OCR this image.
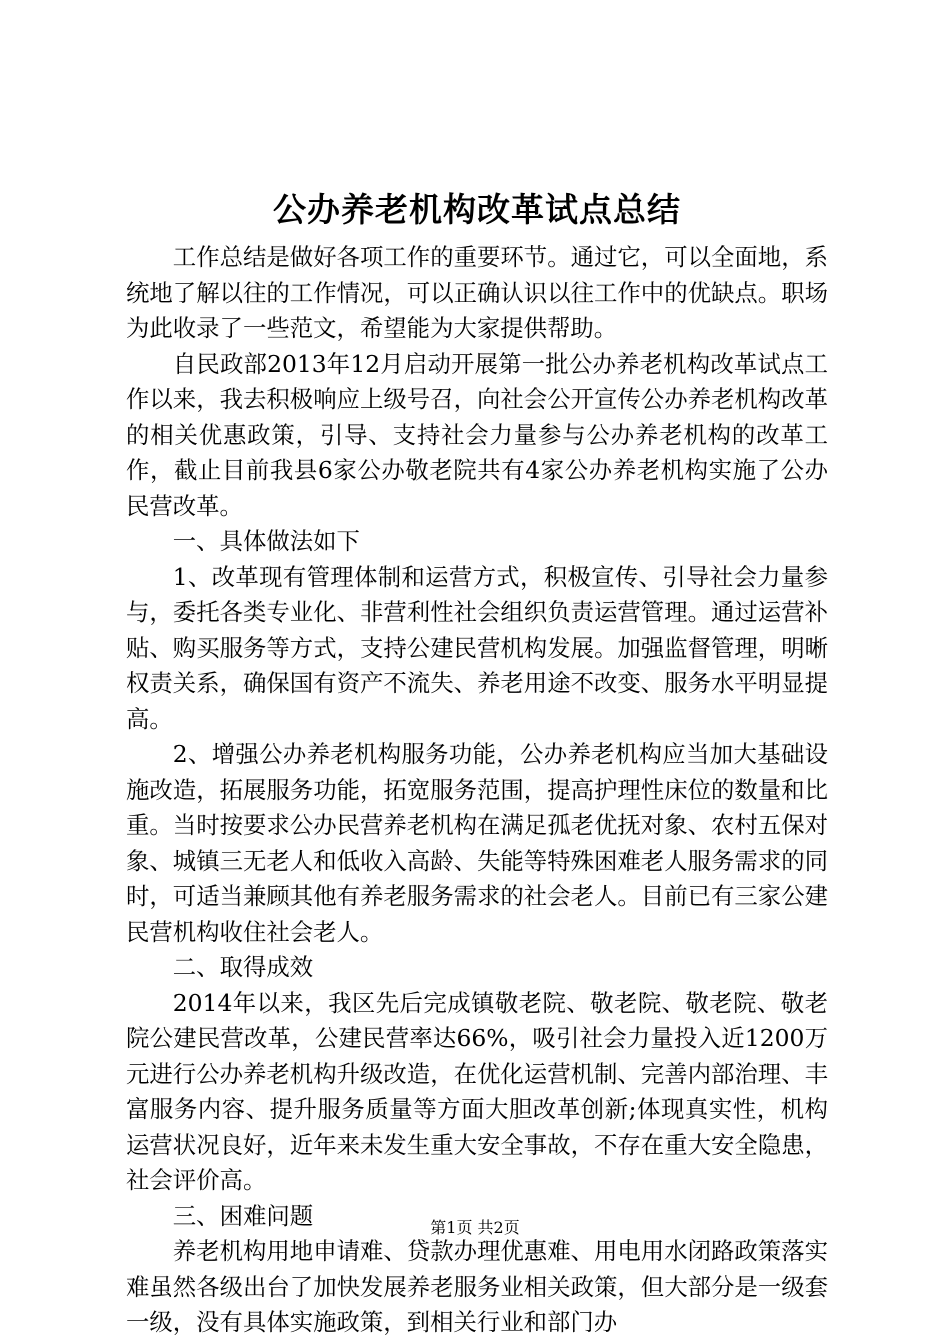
公办养老机构改革试点总结

工作总结是做好各项工作的重要环节。通过它，可以全面地，系统地了解以往的工作情况，可以正确认识以往工作中的优缺点。职场为此收录了一些范文，希望能为大家提供帮助。

自民政部2013年12月启动开展第一批公办养老机构改革试点工作以来，我去积极响应上级号召，向社会公开宣传公办养老机构改革的相关优惠政策，引导、支持社会力量参与公办养老机构的改革工作，截止目前我县6家公办敬老院共有4家公办养老机构实施了公办民营改革。

一、具体做法如下

1、改革现有管理体制和运营方式，积极宣传、引导社会力量参与，委托各类专业化、非营利性社会组织负责运营管理。通过运营补贴、购买服务等方式，支持公建民营机构发展。加强监督管理，明晰权责关系，确保国有资产不流失、养老用途不改变、服务水平明显提高。

2、增强公办养老机构服务功能，公办养老机构应当加大基础设施改造，拓展服务功能，拓宽服务范围，提高护理性床位的数量和比重。当时按要求公办民营养老机构在满足孤老优抚对象、农村五保对象、城镇三无老人和低收入高龄、失能等特殊困难老人服务需求的同时，可适当兼顾其他有养老服务需求的社会老人。目前已有三家公建民营机构收住社会老人。

二、取得成效

2014年以来，我区先后完成镇敬老院、敬老院、敬老院、敬老院公建民营改革，公建民营率达66%，吸引社会力量投入近1200万元进行公办养老机构升级改造，在优化运营机制、完善内部治理、丰富服务内容、提升服务质量等方面大胆改革创新;体现真实性，机构运营状况良好，近年来未发生重大安全事故，不存在重大安全隐患，社会评价高。

三、困难问题

养老机构用地申请难、贷款办理优惠难、用电用水闭路政策落实难虽然各级出台了加快发展养老服务业相关政策，但大部分是一级套一级，没有具体实施政策，到相关行业和部门办

第1页 共2页
